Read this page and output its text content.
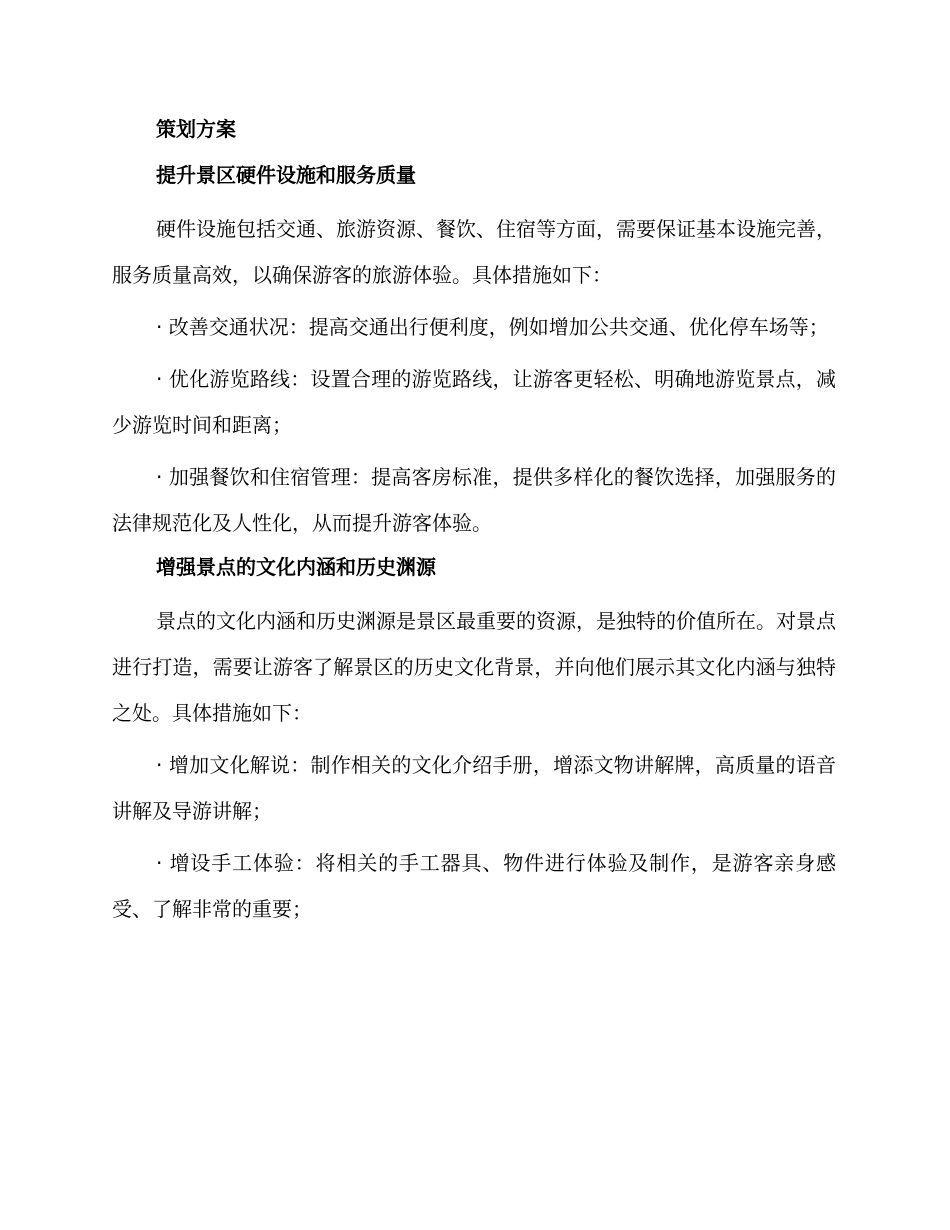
策划方案
提升景区硬件设施和服务质量

硬件设施包括交通、旅游资源、餐饮、住宿等方面，需要保证基本设施完善，服务质量高效，以确保游客的旅游体验。具体措施如下：

· 改善交通状况：提高交通出行便利度，例如增加公共交通、优化停车场等；

· 优化游览路线：设置合理的游览路线，让游客更轻松、明确地游览景点，减少游览时间和距离；

· 加强餐饮和住宿管理：提高客房标准，提供多样化的餐饮选择，加强服务的法律规范化及人性化，从而提升游客体验。

增强景点的文化内涵和历史渊源

景点的文化内涵和历史渊源是景区最重要的资源，是独特的价值所在。对景点进行打造，需要让游客了解景区的历史文化背景，并向他们展示其文化内涵与独特之处。具体措施如下：

· 增加文化解说：制作相关的文化介绍手册，增添文物讲解牌，高质量的语音讲解及导游讲解；

· 增设手工体验：将相关的手工器具、物件进行体验及制作，是游客亲身感受、了解非常的重要；
